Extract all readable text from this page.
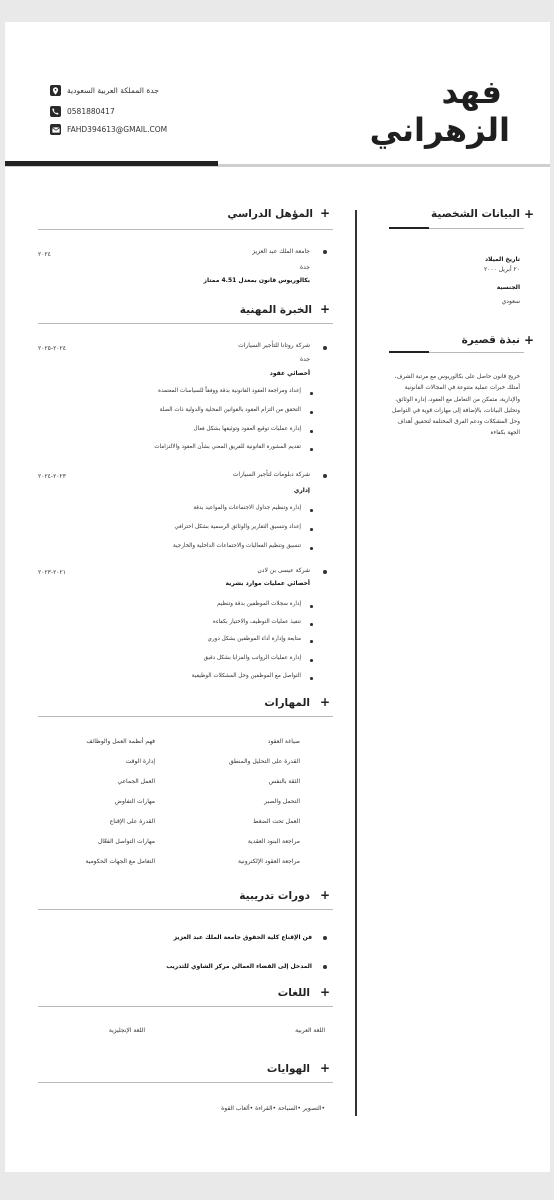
فهد
الزهراني
جدة المملكة العربية السعودية
0581880417
FAHD394613@GMAIL.COM
+
البيانات الشخصية
تاريخ الميلاد
٢٠ أبريل ٢٠٠٠
الجنسية
سعودي
+
نبذة قصيرة
خريج قانون حاصل على بكالوريوس مع مرتبة الشرف، أمتلك خبرات عملية متنوعة في المجالات القانونية والإدارية، متمكن من التعامل مع العقود، إدارة الوثائق، وتحليل البيانات، بالإضافة إلى مهارات قوية في التواصل وحل المشكلات ودعم الفرق المختلفة لتحقيق أهداف الجهة بكفاءة
+
المؤهل الدراسي
جامعة الملك عبد العزيز
جدة
بكالوريوس قانون بمعدل 4.51 ممتاز
٢٠٢٤
+
الخبرة المهنية
شركة روتانا للتأجير السيارات
جدة
أخصائي عقود
٢٠٢٤-٢٠٢٥
إعداد ومراجعة العقود القانونية بدقة ووفقاً للسياسات المعتمدة
التحقق من التزام العقود بالقوانين المحلية والدولية ذات الصلة
إدارة عمليات توقيع العقود وتوثيقها بشكل فعال
تقديم المشورة القانونية للفريق المعني بشأن العقود والالتزامات
شركة دبلومات لتأجير السيارات
إداري
٢٠٢٣-٢٠٢٤
إدارة وتنظيم جداول الاجتماعات والمواعيد بدقة
إعداد وتنسيق التقارير والوثائق الرسمية بشكل احترافي
تنسيق وتنظيم الفعاليات والاجتماعات الداخلية والخارجية
شركة عيسى بن لادن
أخصائي عمليات موارد بشرية
٢٠٢١-٢٠٢٣
إدارة سجلات الموظفين بدقة وتنظيم
تنفيذ عمليات التوظيف والاختيار بكفاءة
متابعة وإدارة أداء الموظفين بشكل دوري
إدارة عمليات الرواتب والمزايا بشكل دقيق
التواصل مع الموظفين وحل المشكلات الوظيفية
+
المهارات
صياغة العقود
القدرة على التحليل والمنطق
الثقة بالنفس
التحمل والصبر
العمل تحت الضغط
مراجعة البنود العقدية
مراجعة العقود الإلكترونية
فهم أنظمة العمل والوظائف
إدارة الوقت
العمل الجماعي
مهارات التفاوض
القدرة على الإقناع
مهارات التواصل الفعّال
التعامل مع الجهات الحكومية
+
دورات تدريبية
فن الإقناع كلية الحقوق جامعة الملك عبد العزيز
المدخل إلى القضاء العمالي مركز الشاوي للتدريب
+
اللغات
اللغة العربية
اللغة الإنجليزية
+
الهوايات
•التصوير •السباحة •القراءة •ألعاب القوة
